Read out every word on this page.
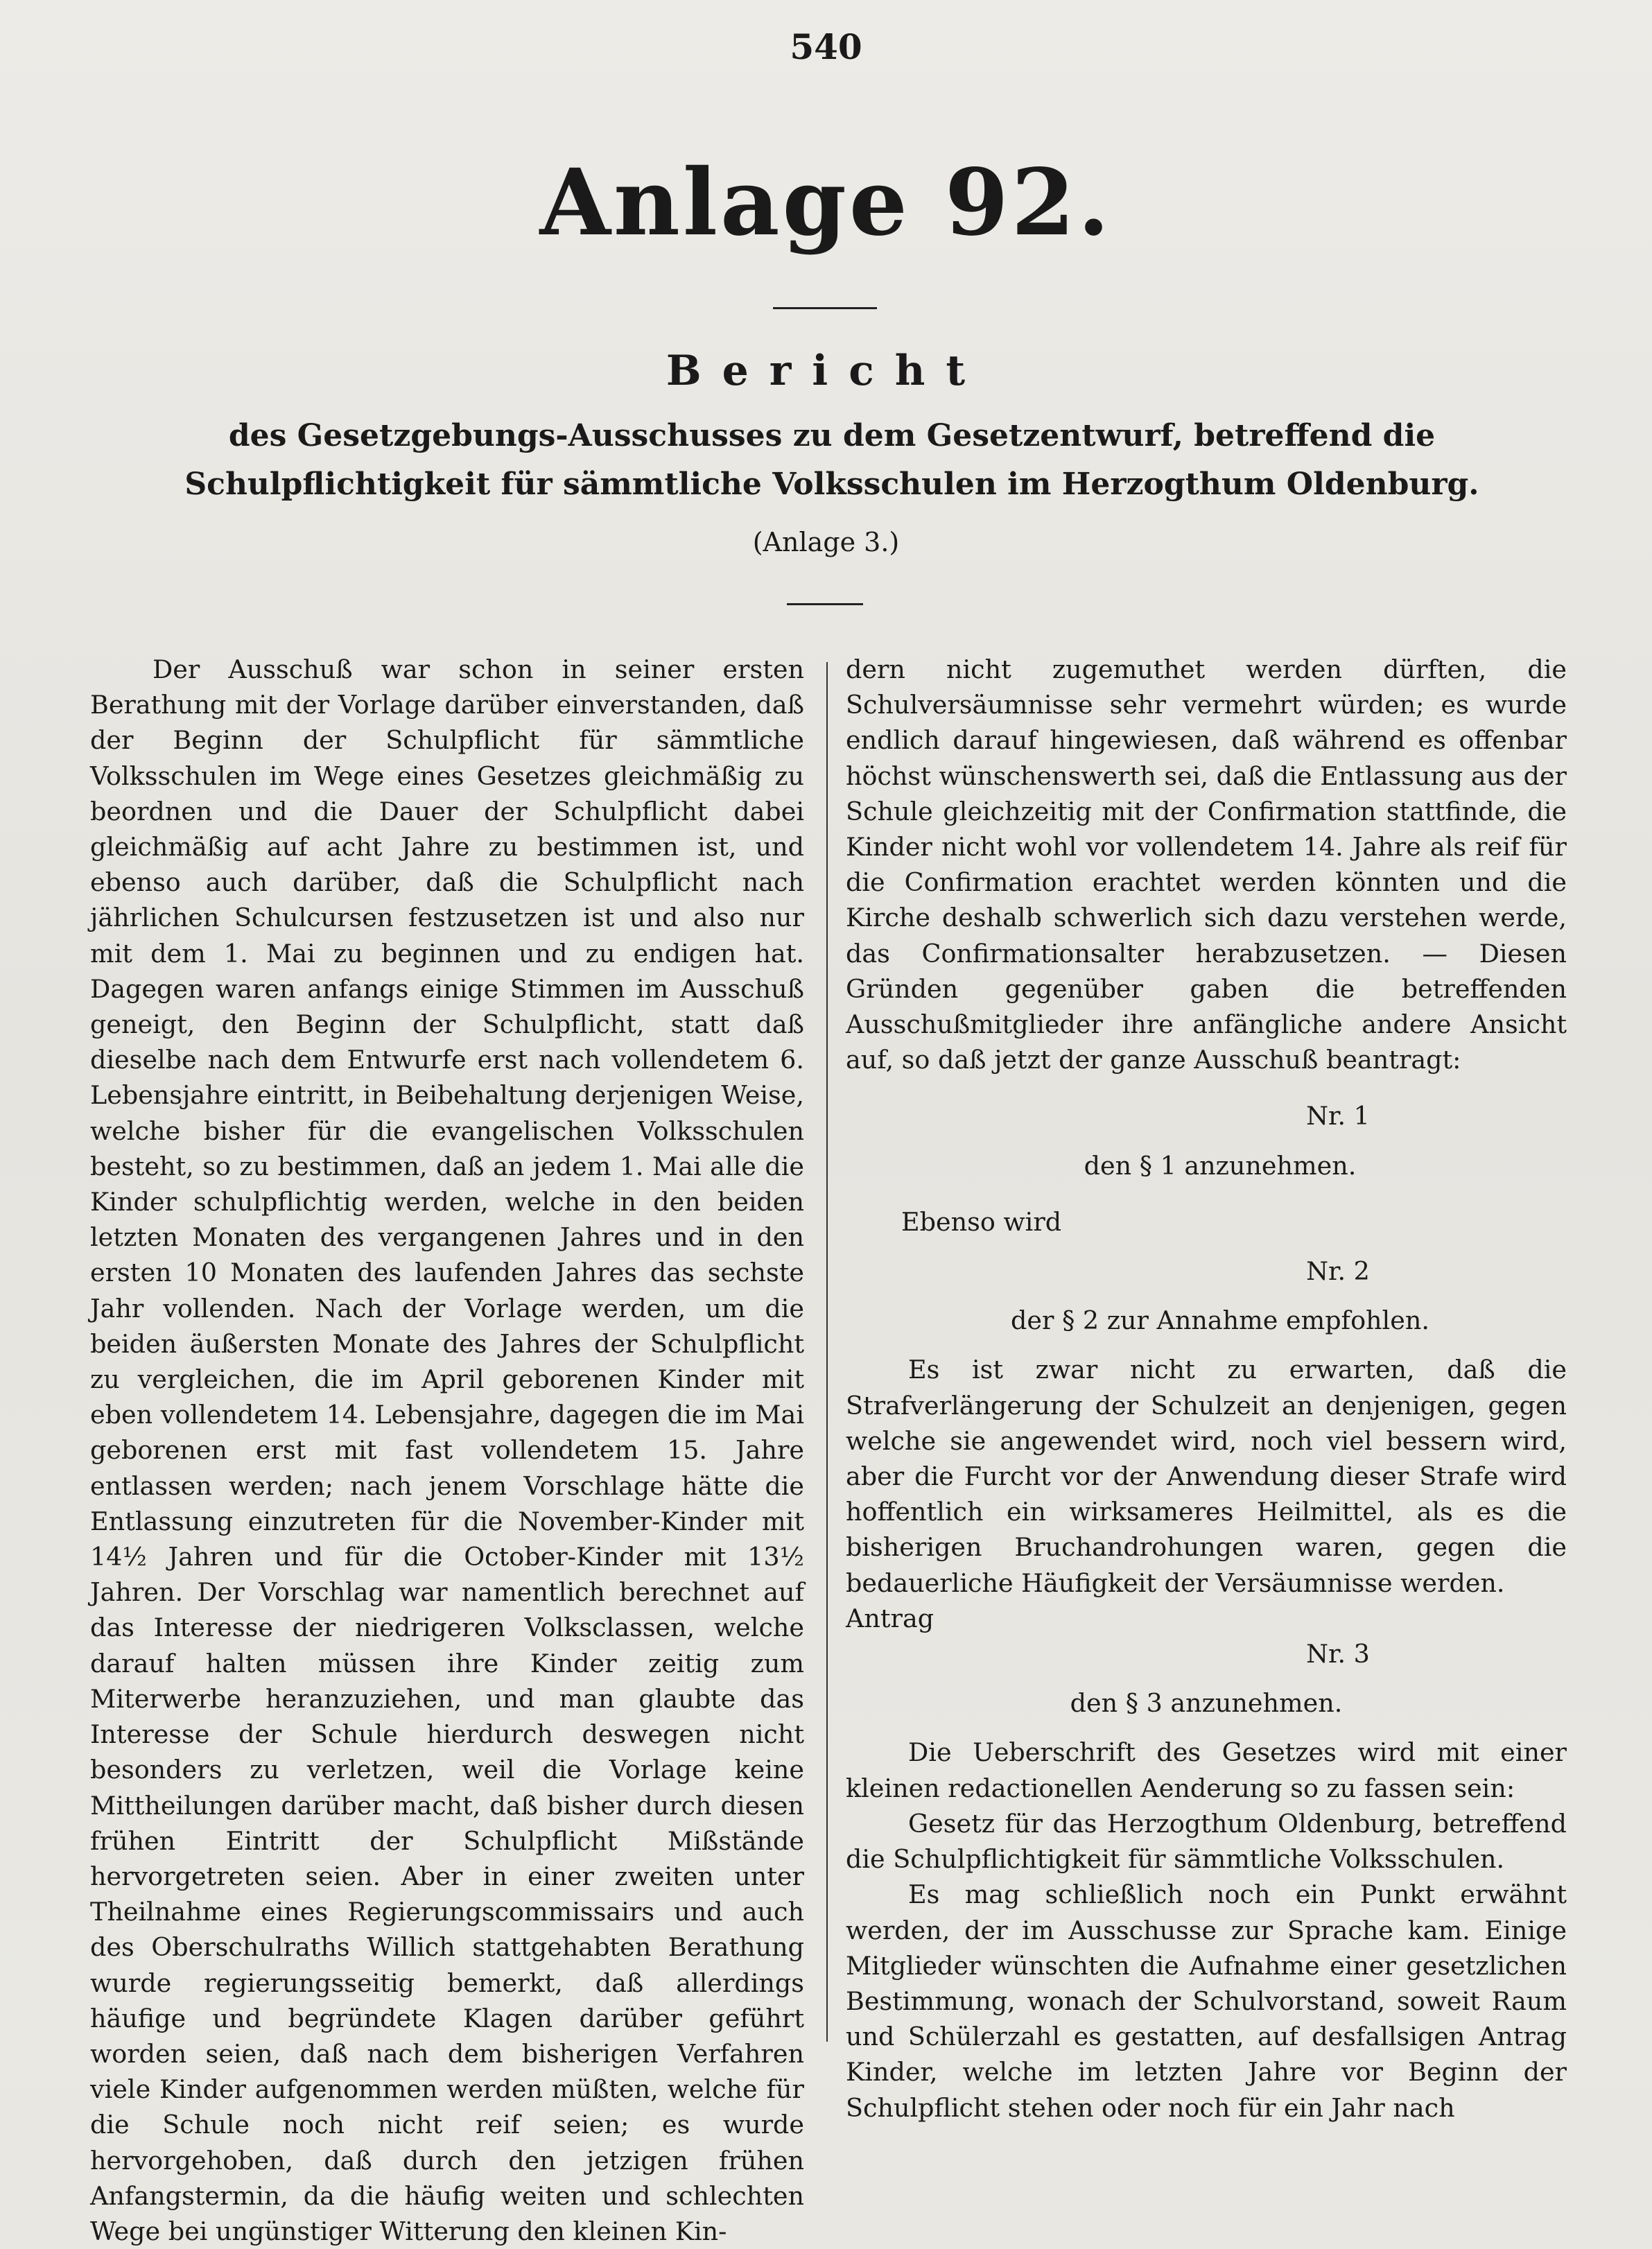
540
Anlage 92.
Bericht
des Gesetzgebungs-Ausschusses zu dem Gesetzentwurf, betreffend die Schulpflichtigkeit für sämmtliche Volksschulen im Herzogthum Oldenburg.
(Anlage 3.)

Der Ausschuß war schon in seiner ersten Berathung mit der Vorlage darüber einverstanden, daß der Beginn der Schulpflicht für sämmtliche Volksschulen im Wege eines Gesetzes gleichmäßig zu beordnen und die Dauer der Schulpflicht dabei gleichmäßig auf acht Jahre zu bestimmen ist, und ebenso auch darüber, daß die Schulpflicht nach jährlichen Schulcursen festzusetzen ist und also nur mit dem 1. Mai zu beginnen und zu endigen hat. Dagegen waren anfangs einige Stimmen im Ausschuß geneigt, den Beginn der Schulpflicht, statt daß dieselbe nach dem Entwurfe erst nach vollendetem 6. Lebensjahre eintritt, in Beibehaltung derjenigen Weise, welche bisher für die evangelischen Volksschulen besteht, so zu bestimmen, daß an jedem 1. Mai alle die Kinder schulpflichtig werden, welche in den beiden letzten Monaten des vergangenen Jahres und in den ersten 10 Monaten des laufenden Jahres das sechste Jahr vollenden. Nach der Vorlage werden, um die beiden äußersten Monate des Jahres der Schulpflicht zu vergleichen, die im April geborenen Kinder mit eben vollendetem 14. Lebensjahre, dagegen die im Mai geborenen erst mit fast vollendetem 15. Jahre entlassen werden; nach jenem Vorschlage hätte die Entlassung einzutreten für die November-Kinder mit 14½ Jahren und für die October-Kinder mit 13½ Jahren. Der Vorschlag war namentlich berechnet auf das Interesse der niedrigeren Volksclassen, welche darauf halten müssen ihre Kinder zeitig zum Miterwerbe heranzuziehen, und man glaubte das Interesse der Schule hierdurch deswegen nicht besonders zu verletzen, weil die Vorlage keine Mittheilungen darüber macht, daß bisher durch diesen frühen Eintritt der Schulpflicht Mißstände hervorgetreten seien. Aber in einer zweiten unter Theilnahme eines Regierungscommissairs und auch des Oberschulraths Willich stattgehabten Berathung wurde regierungsseitig bemerkt, daß allerdings häufige und begründete Klagen darüber geführt worden seien, daß nach dem bisherigen Verfahren viele Kinder aufgenommen werden müßten, welche für die Schule noch nicht reif seien; es wurde hervorgehoben, daß durch den jetzigen frühen Anfangstermin, da die häufig weiten und schlechten Wege bei ungünstiger Witterung den kleinen Kin-

dern nicht zugemuthet werden dürften, die Schulversäumnisse sehr vermehrt würden; es wurde endlich darauf hingewiesen, daß während es offenbar höchst wünschenswerth sei, daß die Entlassung aus der Schule gleichzeitig mit der Confirmation stattfinde, die Kinder nicht wohl vor vollendetem 14. Jahre als reif für die Confirmation erachtet werden könnten und die Kirche deshalb schwerlich sich dazu verstehen werde, das Confirmationsalter herabzusetzen. — Diesen Gründen gegenüber gaben die betreffenden Ausschußmitglieder ihre anfängliche andere Ansicht auf, so daß jetzt der ganze Ausschuß beantragt:

Nr. 1

den § 1 anzunehmen.

Ebenso wird

Nr. 2

der § 2 zur Annahme empfohlen.

Es ist zwar nicht zu erwarten, daß die Strafverlängerung der Schulzeit an denjenigen, gegen welche sie angewendet wird, noch viel bessern wird, aber die Furcht vor der Anwendung dieser Strafe wird hoffentlich ein wirksameres Heilmittel, als es die bisherigen Bruchandrohungen waren, gegen die bedauerliche Häufigkeit der Versäumnisse werden.

Antrag

Nr. 3

den § 3 anzunehmen.

Die Ueberschrift des Gesetzes wird mit einer kleinen redactionellen Aenderung so zu fassen sein:

Gesetz für das Herzogthum Oldenburg, betreffend die Schulpflichtigkeit für sämmtliche Volksschulen.

Es mag schließlich noch ein Punkt erwähnt werden, der im Ausschusse zur Sprache kam. Einige Mitglieder wünschten die Aufnahme einer gesetzlichen Bestimmung, wonach der Schulvorstand, soweit Raum und Schülerzahl es gestatten, auf desfallsigen Antrag Kinder, welche im letzten Jahre vor Beginn der Schulpflicht stehen oder noch für ein Jahr nach
